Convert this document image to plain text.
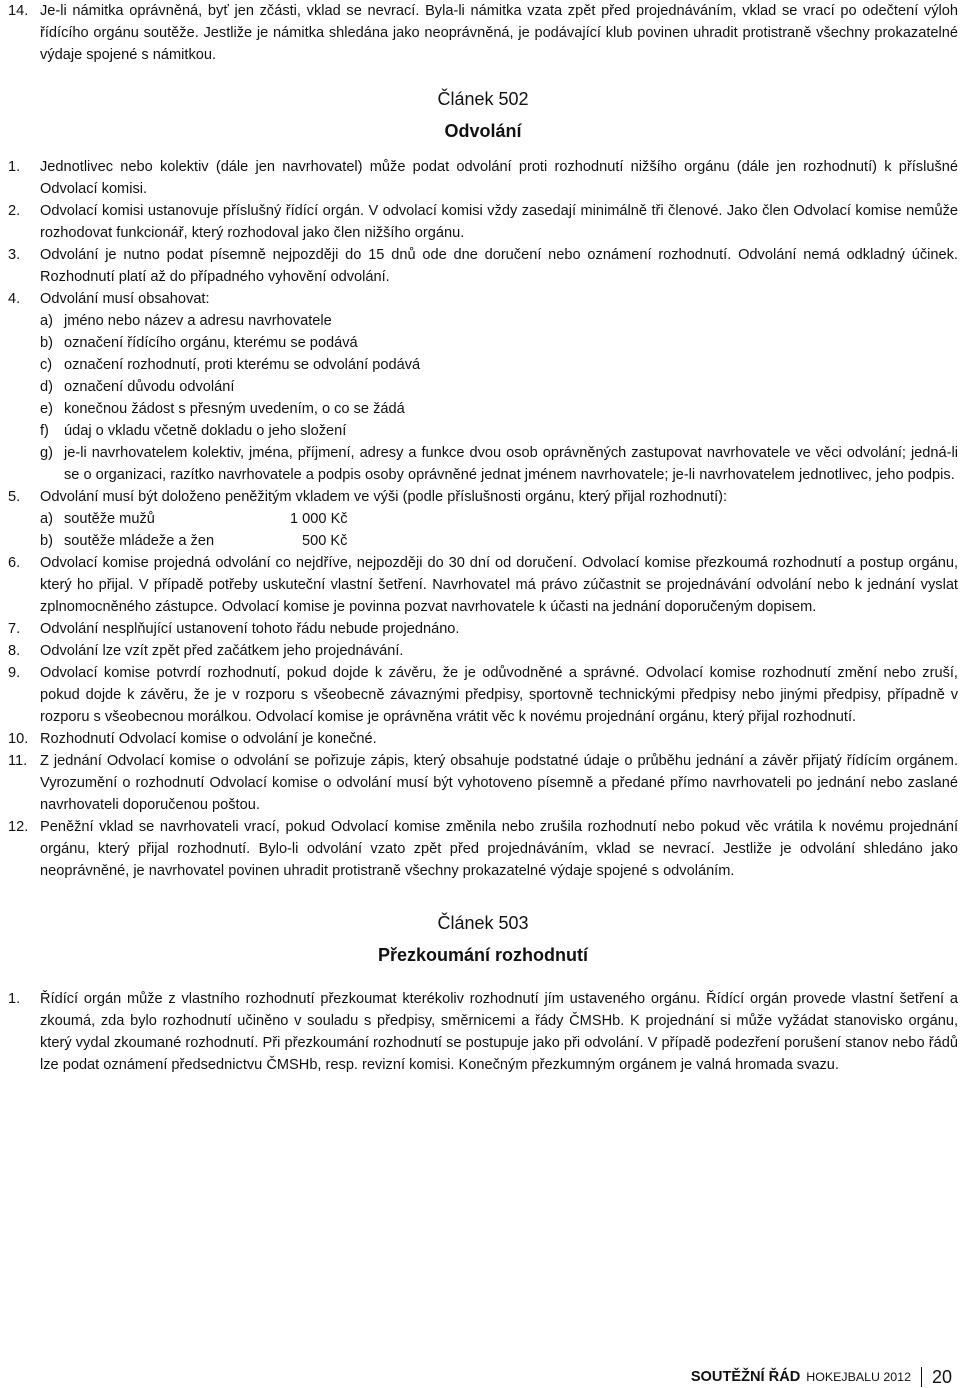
14. Je-li námitka oprávněná, byť jen zčásti, vklad se nevrací. Byla-li námitka vzata zpět před projednáváním, vklad se vrací po odečtení výloh řídícího orgánu soutěže. Jestliže je námitka shledána jako neoprávněná, je podávající klub povinen uhradit protistraně všechny prokazatelné výdaje spojené s námitkou.
Článek 502
Odvolání
1.	Jednotlivec nebo kolektiv (dále jen navrhovatel) může podat odvolání proti rozhodnutí nižšího orgánu (dále jen rozhodnutí) k příslušné Odvolací komisi.
2.	Odvolací komisi ustanovuje příslušný řídící orgán. V odvolací komisi vždy zasedají minimálně tři členové. Jako člen Odvolací komise nemůže rozhodovat funkcionář, který rozhodoval jako člen nižšího orgánu.
3.	Odvolání je nutno podat písemně nejpozději do 15 dnů ode dne doručení nebo oznámení rozhodnutí. Odvolání nemá odkladný účinek. Rozhodnutí platí až do případného vyhovění odvolání.
4.	Odvolání musí obsahovat:
a) jméno nebo název a adresu navrhovatele
b) označení řídícího orgánu, kterému se podává
c) označení rozhodnutí, proti kterému se odvolání podává
d) označení důvodu odvolání
e) konečnou žádost s přesným uvedením, o co se žádá
f)	údaj o vkladu včetně dokladu o jeho složení
g) je-li navrhovatelem kolektiv, jména, příjmení, adresy a funkce dvou osob oprávněných zastupovat navrhovatele ve věci odvolání; jedná-li se o organizaci, razítko navrhovatele a podpis osoby oprávněné jednat jménem navrhovatele; je-li navrhovatelem jednotlivec, jeho podpis.
5.	Odvolání musí být doloženo peněžitým vkladem ve výši (podle příslušnosti orgánu, který přijal rozhodnutí):
a) soutěže mužů	1 000 Kč
b) soutěže mládeže a žen	500 Kč
6.	Odvolací komise projedná odvolání co nejdříve, nejpozději do 30 dní od doručení. Odvolací komise přezkoumá rozhodnutí a postup orgánu, který ho přijal. V případě potřeby uskuteční vlastní šetření. Navrhovatel má právo zúčastnit se projednávání odvolání nebo k jednání vyslat zplnomocněného zástupce. Odvolací komise je povinna pozvat navrhovatele k účasti na jednání doporučeným dopisem.
7.	Odvolání nesplňující ustanovení tohoto řádu nebude projednáno.
8.	Odvolání lze vzít zpět před začátkem jeho projednávání.
9.	Odvolací komise potvrdí rozhodnutí, pokud dojde k závěru, že je odůvodněné a správné. Odvolací komise rozhodnutí změní nebo zruší, pokud dojde k závěru, že je v rozporu s všeobecně závaznými předpisy, sportovně technickými předpisy nebo jinými předpisy, případně v rozporu s všeobecnou morálkou. Odvolací komise je oprávněna vrátit věc k novému projednání orgánu, který přijal rozhodnutí.
10. Rozhodnutí Odvolací komise o odvolání je konečné.
11. Z jednání Odvolací komise o odvolání se pořizuje zápis, který obsahuje podstatné údaje o průběhu jednání a závěr přijatý řídícím orgánem. Vyrozumění o rozhodnutí Odvolací komise o odvolání musí být vyhotoveno písemně a předané přímo navrhovateli po jednání nebo zaslané navrhovateli doporučenou poštou.
12. Peněžní vklad se navrhovateli vrací, pokud Odvolací komise změnila nebo zrušila rozhodnutí nebo pokud věc vrátila k novému projednání orgánu, který přijal rozhodnutí. Bylo-li odvolání vzato zpět před projednáváním, vklad se nevrací. Jestliže je odvolání shledáno jako neoprávněné, je navrhovatel povinen uhradit protistraně všechny prokazatelné výdaje spojené s odvoláním.
Článek 503
Přezkoumání rozhodnutí
1.	Řídící orgán může z vlastního rozhodnutí přezkoumat kterékoliv rozhodnutí jím ustaveného orgánu. Řídící orgán provede vlastní šetření a zkoumá, zda bylo rozhodnutí učiněno v souladu s předpisy, směrnicemi a řády ČMSHb. K projednání si může vyžádat stanovisko orgánu, který vydal zkoumané rozhodnutí. Při přezkoumání rozhodnutí se postupuje jako při odvolání. V případě podezření porušení stanov nebo řádů lze podat oznámení předsednictvu ČMSHb, resp. revizní komisi. Konečným přezkumným orgánem je valná hromada svazu.
SOUTĚŽNÍ ŘÁD HOKEJBALU 2012 20
